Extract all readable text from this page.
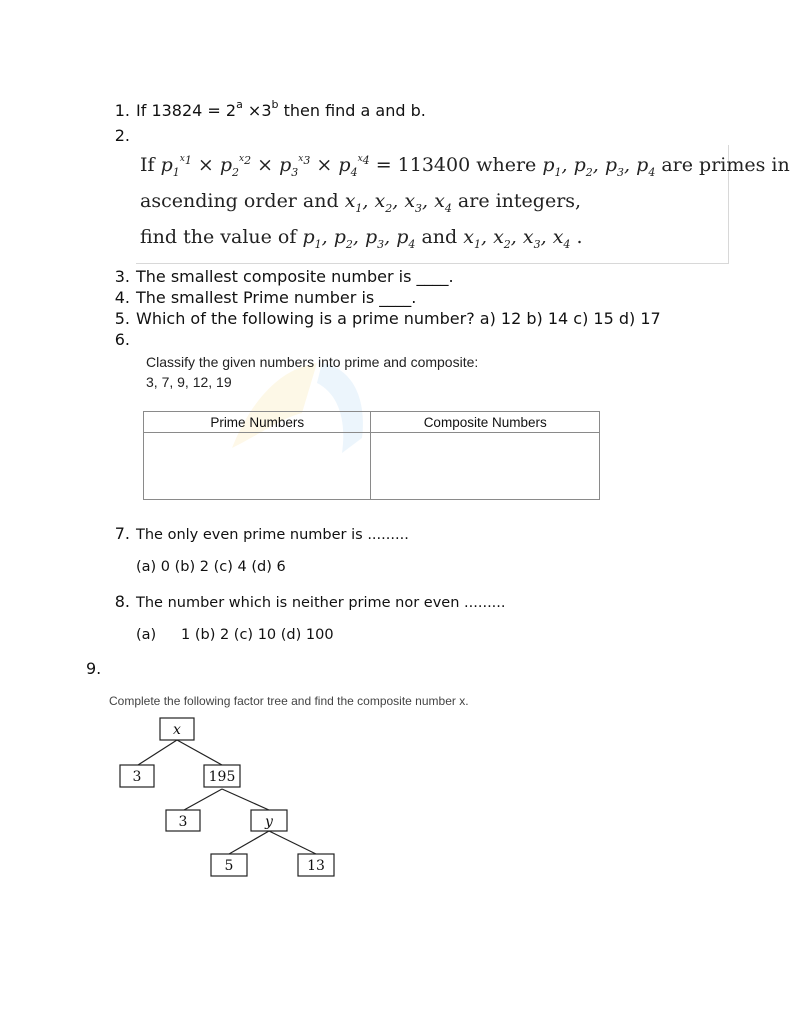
1. If $13824 = 2^a \times 3^b$ then find a and b.
2.
If $p_1^{x_1} \times p_2^{x_2} \times p_3^{x_3} \times p_4^{x_4} = 113400$ where $p_1$, $p_2$, $p_3$, $p_4$ are primes in
ascending order and $x_1$, $x_2$, $x_3$, $x_4$ are integers,
find the value of $p_1$, $p_2$, $p_3$, $p_4$ and $x_1$, $x_2$, $x_3$, $x_4$ .
3. The smallest composite number is ____.
4. The smallest Prime number is ____.
5. Which of the following is a prime number? a) 12 b) 14 c) 15 d) 17
6.
Classify the given numbers into prime and composite:
3, 7, 9, 12, 19
Prime Numbers	Composite Numbers

7. The only even prime number is .........
(a) 0 (b) 2 (c) 4 (d) 6
8. The number which is neither prime nor even .........
(a) 1 (b) 2 (c) 10 (d) 100
9.
Complete the following factor tree and find the composite number x.
x
3	195
3	y
5	13
